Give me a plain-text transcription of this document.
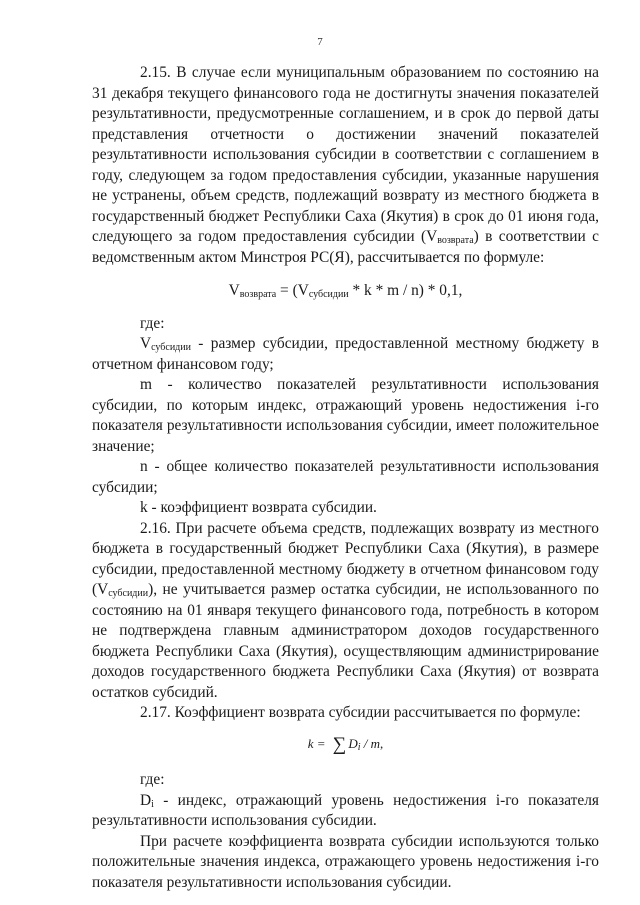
7

2.15. В случае если муниципальным образованием по состоянию на 31 декабря текущего финансового года не достигнуты значения показателей результативности, предусмотренные соглашением, и в срок до первой даты представления отчетности о достижении значений показателей результативности использования субсидии в соответствии с соглашением в году, следующем за годом предоставления субсидии, указанные нарушения не устранены, объем средств, подлежащий возврату из местного бюджета в государственный бюджет Республики Саха (Якутия) в срок до 01 июня года, следующего за годом предоставления субсидии $(V_{возврата})$ в соответствии с ведомственным актом Минстроя РС(Я), рассчитывается по формуле:

$V_{возврата} = (V_{субсидии} * k * m / n) * 0,1$,

где:

$V_{субсидии}$ - размер субсидии, предоставленной местному бюджету в отчетном финансовом году;

m - количество показателей результативности использования субсидии, по которым индекс, отражающий уровень недостижения i-го показателя результативности использования субсидии, имеет положительное значение;

n - общее количество показателей результативности использования субсидии;

k - коэффициент возврата субсидии.

2.16. При расчете объема средств, подлежащих возврату из местного бюджета в государственный бюджет Республики Саха (Якутия), в размере субсидии, предоставленной местному бюджету в отчетном финансовом году $(V_{субсидии})$, не учитывается размер остатка субсидии, не использованного по состоянию на 01 января текущего финансового года, потребность в котором не подтверждена главным администратором доходов государственного бюджета Республики Саха (Якутия), осуществляющим администрирование доходов государственного бюджета Республики Саха (Якутия) от возврата остатков субсидий.

2.17. Коэффициент возврата субсидии рассчитывается по формуле:

k = ∑ $D_i$ / m,

где:

$D_i$ - индекс, отражающий уровень недостижения i-го показателя результативности использования субсидии.

При расчете коэффициента возврата субсидии используются только положительные значения индекса, отражающего уровень недостижения i-го показателя результативности использования субсидии.
